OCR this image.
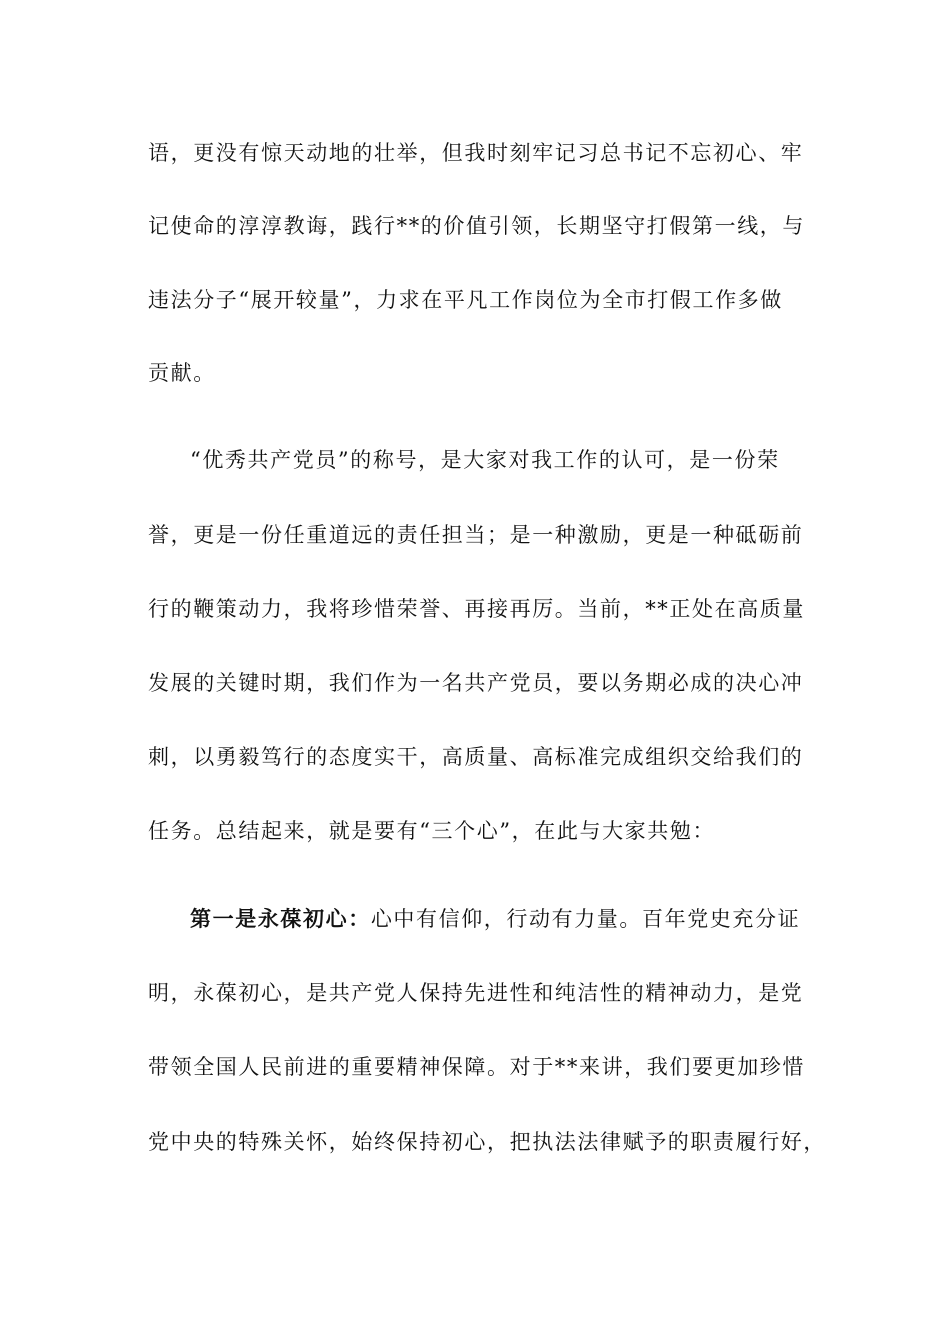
语，更没有惊天动地的壮举，但我时刻牢记习总书记不忘初心、牢
记使命的淳淳教诲，践行**的价值引领，长期坚守打假第一线，与
违法分子“展开较量”，力求在平凡工作岗位为全市打假工作多做
贡献。
“优秀共产党员”的称号，是大家对我工作的认可，是一份荣
誉，更是一份任重道远的责任担当；是一种激励，更是一种砥砺前
行的鞭策动力，我将珍惜荣誉、再接再厉。当前，**正处在高质量
发展的关键时期，我们作为一名共产党员，要以务期必成的决心冲
刺，以勇毅笃行的态度实干，高质量、高标准完成组织交给我们的
任务。总结起来，就是要有“三个心”，在此与大家共勉：
第一是永葆初心：心中有信仰，行动有力量。百年党史充分证
明，永葆初心，是共产党人保持先进性和纯洁性的精神动力，是党
带领全国人民前进的重要精神保障。对于**来讲，我们要更加珍惜
党中央的特殊关怀，始终保持初心，把执法法律赋予的职责履行好，
